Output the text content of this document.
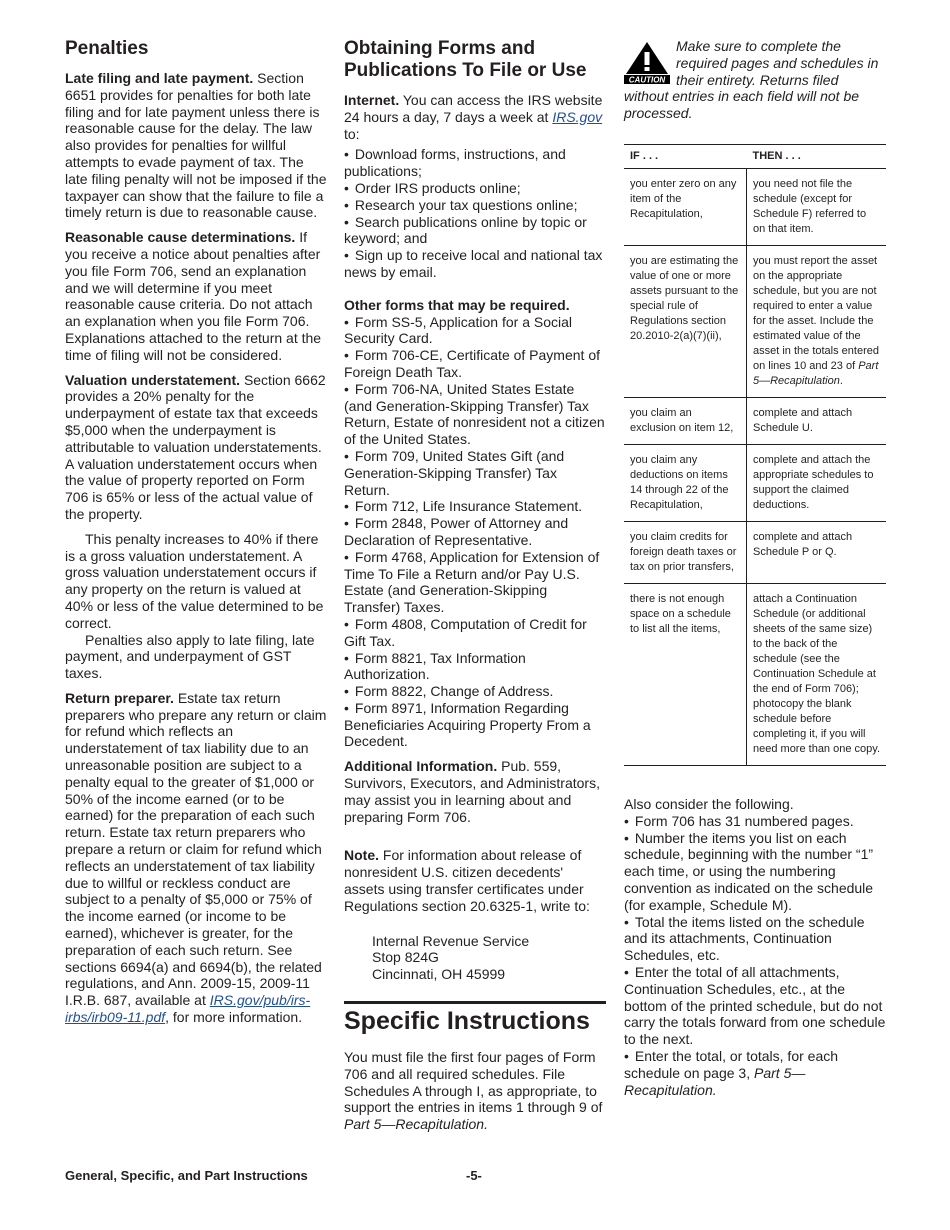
Penalties

Late filing and late payment. Section 6651 provides for penalties for both late filing and for late payment unless there is reasonable cause for the delay. The law also provides for penalties for willful attempts to evade payment of tax. The late filing penalty will not be imposed if the taxpayer can show that the failure to file a timely return is due to reasonable cause.

Reasonable cause determinations. If you receive a notice about penalties after you file Form 706, send an explanation and we will determine if you meet reasonable cause criteria. Do not attach an explanation when you file Form 706. Explanations attached to the return at the time of filing will not be considered.

Valuation understatement. Section 6662 provides a 20% penalty for the underpayment of estate tax that exceeds $5,000 when the underpayment is attributable to valuation understatements. A valuation understatement occurs when the value of property reported on Form 706 is 65% or less of the actual value of the property.

This penalty increases to 40% if there is a gross valuation understatement. A gross valuation understatement occurs if any property on the return is valued at 40% or less of the value determined to be correct.

Penalties also apply to late filing, late payment, and underpayment of GST taxes.

Return preparer. Estate tax return preparers who prepare any return or claim for refund which reflects an understatement of tax liability due to an unreasonable position are subject to a penalty equal to the greater of $1,000 or 50% of the income earned (or to be earned) for the preparation of each such return. Estate tax return preparers who prepare a return or claim for refund which reflects an understatement of tax liability due to willful or reckless conduct are subject to a penalty of $5,000 or 75% of the income earned (or income to be earned), whichever is greater, for the preparation of each such return. See sections 6694(a) and 6694(b), the related regulations, and Ann. 2009-15, 2009-11 I.R.B. 687, available at IRS.gov/pub/irs-irbs/irb09-11.pdf, for more information.

Obtaining Forms and Publications To File or Use

Internet. You can access the IRS website 24 hours a day, 7 days a week at IRS.gov to:

• Download forms, instructions, and publications;
• Order IRS products online;
• Research your tax questions online;
• Search publications online by topic or keyword; and
• Sign up to receive local and national tax news by email.

Other forms that may be required.

• Form SS-5, Application for a Social Security Card.
• Form 706-CE, Certificate of Payment of Foreign Death Tax.
• Form 706-NA, United States Estate (and Generation-Skipping Transfer) Tax Return, Estate of nonresident not a citizen of the United States.
• Form 709, United States Gift (and Generation-Skipping Transfer) Tax Return.
• Form 712, Life Insurance Statement.
• Form 2848, Power of Attorney and Declaration of Representative.
• Form 4768, Application for Extension of Time To File a Return and/or Pay U.S. Estate (and Generation-Skipping Transfer) Taxes.
• Form 4808, Computation of Credit for Gift Tax.
• Form 8821, Tax Information Authorization.
• Form 8822, Change of Address.
• Form 8971, Information Regarding Beneficiaries Acquiring Property From a Decedent.

Additional Information. Pub. 559, Survivors, Executors, and Administrators, may assist you in learning about and preparing Form 706.

Note. For information about release of nonresident U.S. citizen decedents' assets using transfer certificates under Regulations section 20.6325-1, write to:

Internal Revenue Service
Stop 824G
Cincinnati, OH 45999
Specific Instructions

You must file the first four pages of Form 706 and all required schedules. File Schedules A through I, as appropriate, to support the entries in items 1 through 9 of Part 5—Recapitulation.

CAUTION
Make sure to complete the required pages and schedules in their entirety. Returns filed without entries in each field will not be processed.
IF . . .	THEN . . .
you enter zero on any item of the Recapitulation,	you need not file the schedule (except for Schedule F) referred to on that item.
you are estimating the value of one or more assets pursuant to the special rule of Regulations section 20.2010-2(a)(7)(ii),	you must report the asset on the appropriate schedule, but you are not required to enter a value for the asset. Include the estimated value of the asset in the totals entered on lines 10 and 23 of Part 5—Recapitulation.
you claim an exclusion on item 12,	complete and attach Schedule U.
you claim any deductions on items 14 through 22 of the Recapitulation,	complete and attach the appropriate schedules to support the claimed deductions.
you claim credits for foreign death taxes or tax on prior transfers,	complete and attach Schedule P or Q.
there is not enough space on a schedule to list all the items,	attach a Continuation Schedule (or additional sheets of the same size) to the back of the schedule (see the Continuation Schedule at the end of Form 706); photocopy the blank schedule before completing it, if you will need more than one copy.

Also consider the following.

• Form 706 has 31 numbered pages.
• Number the items you list on each schedule, beginning with the number “1” each time, or using the numbering convention as indicated on the schedule (for example, Schedule M).
• Total the items listed on the schedule and its attachments, Continuation Schedules, etc.
• Enter the total of all attachments, Continuation Schedules, etc., at the bottom of the printed schedule, but do not carry the totals forward from one schedule to the next.
• Enter the total, or totals, for each schedule on page 3, Part 5—Recapitulation.
General, Specific, and Part Instructions	-5-
